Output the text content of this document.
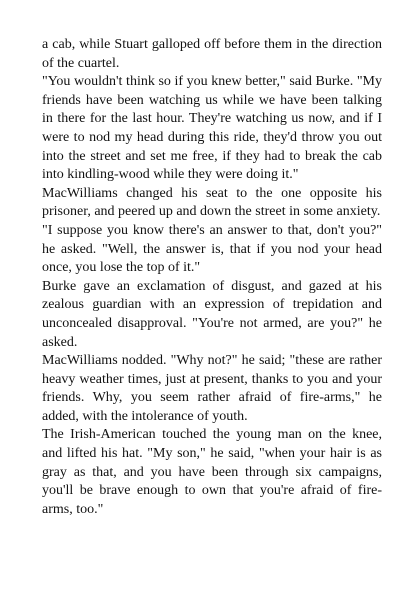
a cab, while Stuart galloped off before them in the direction of the cuartel.

"You wouldn't think so if you knew better," said Burke. "My friends have been watching us while we have been talking in there for the last hour. They're watching us now, and if I were to nod my head during this ride, they'd throw you out into the street and set me free, if they had to break the cab into kindling-wood while they were doing it."

MacWilliams changed his seat to the one opposite his prisoner, and peered up and down the street in some anxiety.

"I suppose you know there's an answer to that, don't you?" he asked. "Well, the answer is, that if you nod your head once, you lose the top of it."

Burke gave an exclamation of disgust, and gazed at his zealous guardian with an expression of trepidation and unconcealed disapproval. "You're not armed, are you?" he asked.

MacWilliams nodded. "Why not?" he said; "these are rather heavy weather times, just at present, thanks to you and your friends. Why, you seem rather afraid of fire-arms," he added, with the intolerance of youth.

The Irish-American touched the young man on the knee, and lifted his hat. "My son," he said, "when your hair is as gray as that, and you have been through six campaigns, you'll be brave enough to own that you're afraid of fire-arms, too."
